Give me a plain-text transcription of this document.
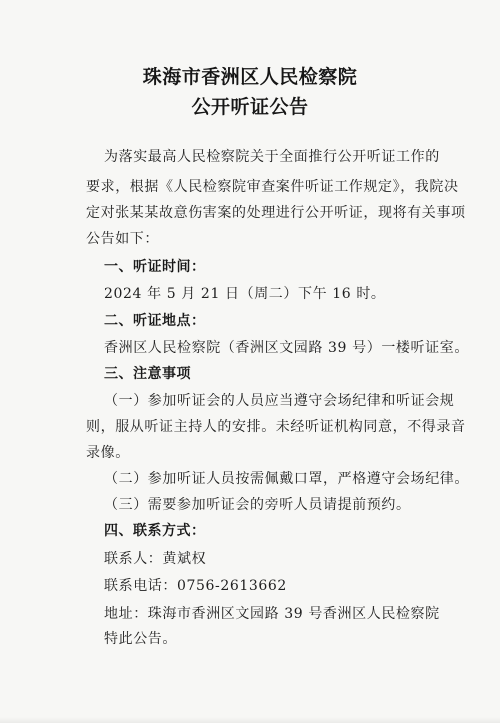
珠海市香洲区人民检察院
公开听证公告
为落实最高人民检察院关于全面推行公开听证工作的
要求，根据《人民检察院审查案件听证工作规定》，我院决
定对张某某故意伤害案的处理进行公开听证，现将有关事项
公告如下：
一、听证时间：
2024 年 5 月 21 日（周二）下午 16 时。
二、听证地点：
香洲区人民检察院（香洲区文园路 39 号）一楼听证室。
三、注意事项
（一）参加听证会的人员应当遵守会场纪律和听证会规
则，服从听证主持人的安排。未经听证机构同意，不得录音
录像。
（二）参加听证人员按需佩戴口罩，严格遵守会场纪律。
（三）需要参加听证会的旁听人员请提前预约。
四、联系方式：
联系人：黄斌权
联系电话：0756-2613662
地址：珠海市香洲区文园路 39 号香洲区人民检察院
特此公告。
